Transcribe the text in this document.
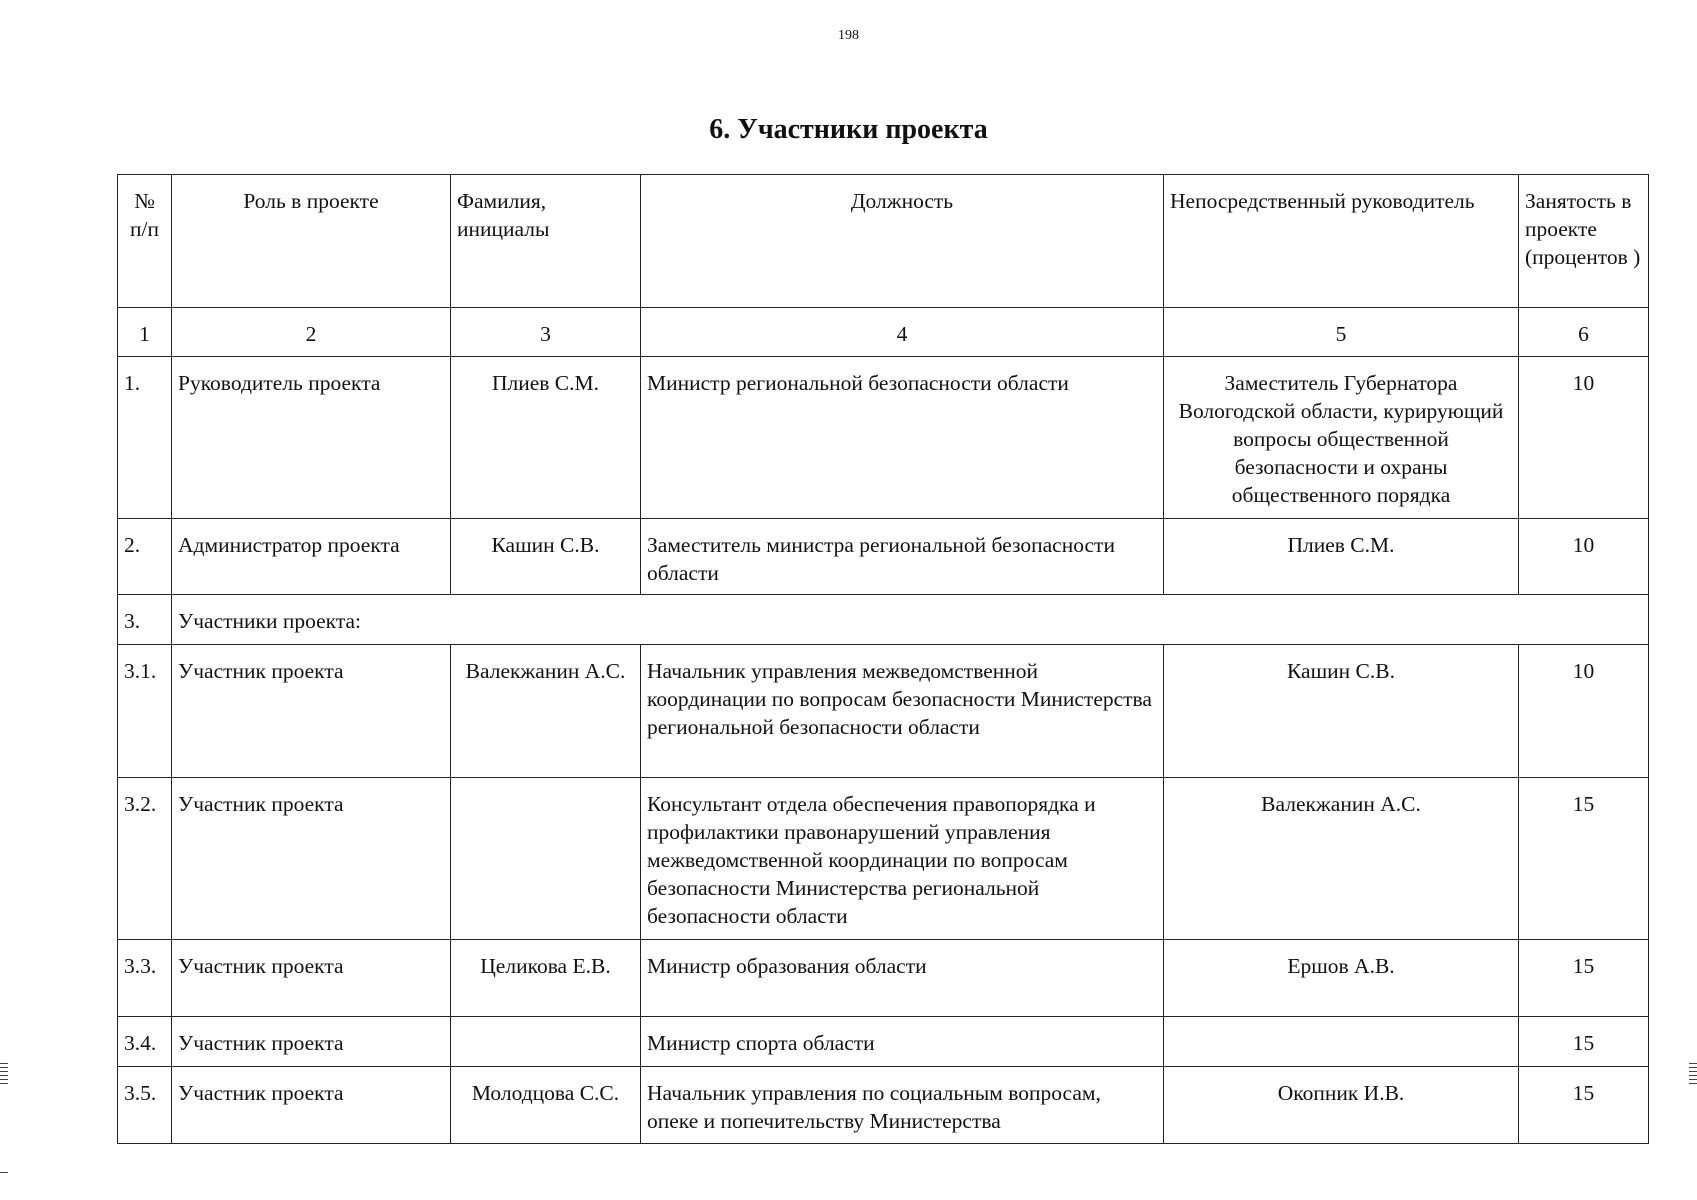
198
6. Участники проекта
№ п/п	Роль в проекте	Фамилия, инициалы	Должность	Непосредственный руководитель	Занятость в проекте (процентов )
1	2	3	4	5	6
1.	Руководитель проекта	Плиев С.М.	Министр региональной безопасности области	Заместитель Губернатора Вологодской области, курирующий вопросы общественной безопасности и охраны общественного порядка	10
2.	Администратор проекта	Кашин С.В.	Заместитель министра региональной безопасности области	Плиев С.М.	10
3.	Участники проекта:				
3.1.	Участник проекта	Валекжанин А.С.	Начальник управления межведомственной координации по вопросам безопасности Министерства региональной безопасности области	Кашин С.В.	10
3.2.	Участник проекта		Консультант отдела обеспечения правопорядка и профилактики правонарушений управления межведомственной координации по вопросам безопасности Министерства региональной безопасности области	Валекжанин А.С.	15
3.3.	Участник проекта	Целикова Е.В.	Министр образования области	Ершов А.В.	15
3.4.	Участник проекта		Министр спорта области		15
3.5.	Участник проекта	Молодцова С.С.	Начальник управления по социальным вопросам, опеке и попечительству Министерства	Окопник И.В.	15
